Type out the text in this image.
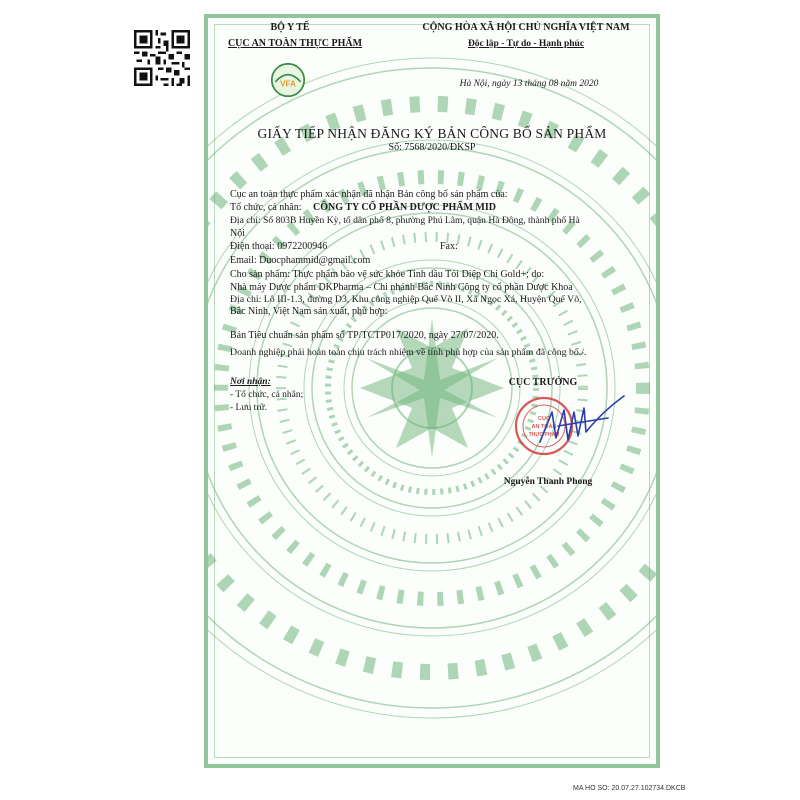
VFA
BỘ Y TẾ
CỤC AN TOÀN THỰC PHẨM
CỘNG HÒA XÃ HỘI CHỦ NGHĨA VIỆT NAM
Độc lập - Tự do - Hạnh phúc
Hà Nội, ngày 13 tháng 08 năm 2020
GIẤY TIẾP NHẬN ĐĂNG KÝ BẢN CÔNG BỐ SẢN PHẨM
Số: 7568/2020/ĐKSP
Cục an toàn thực phẩm xác nhận đã nhận Bản công bố sản phẩm của:
Tổ chức, cá nhân: CÔNG TY CỔ PHẦN DƯỢC PHẨM MID
Địa chỉ: Số 803B Huyền Kỳ, tổ dân phố 8, phường Phú Lãm, quận Hà Đông, thành phố Hà
Nội
Điện thoại: 0972200946	Fax:
Email: Duocphammid@gmail.com
Cho sản phẩm: Thực phẩm bảo vệ sức khỏe Tinh dầu Tỏi Diệp Chi Gold+; do:
Nhà máy Dược phẩm DKPharma – Chi nhánh Bắc Ninh Công ty cổ phần Dược Khoa
Địa chỉ: Lô III-1.3, đường D3, Khu công nghiệp Quế Võ II, Xã Ngọc Xá, Huyện Quế Võ,
Bắc Ninh, Việt Nam sản xuất, phù hợp:
Bản Tiêu chuẩn sản phẩm số TP/TCTP017/2020, ngày 27/07/2020.
Doanh nghiệp phải hoàn toàn chịu trách nhiệm về tính phù hợp của sản phẩm đã công bố./.
Nơi nhận:
- Tổ chức, cá nhân;
- Lưu trữ.
CỤC TRƯỞNG
Nguyễn Thanh Phong
CỤC
AN TOÀN
THỰC PHẨM
MA HO SO: 20.07.27.102734.DKCB
